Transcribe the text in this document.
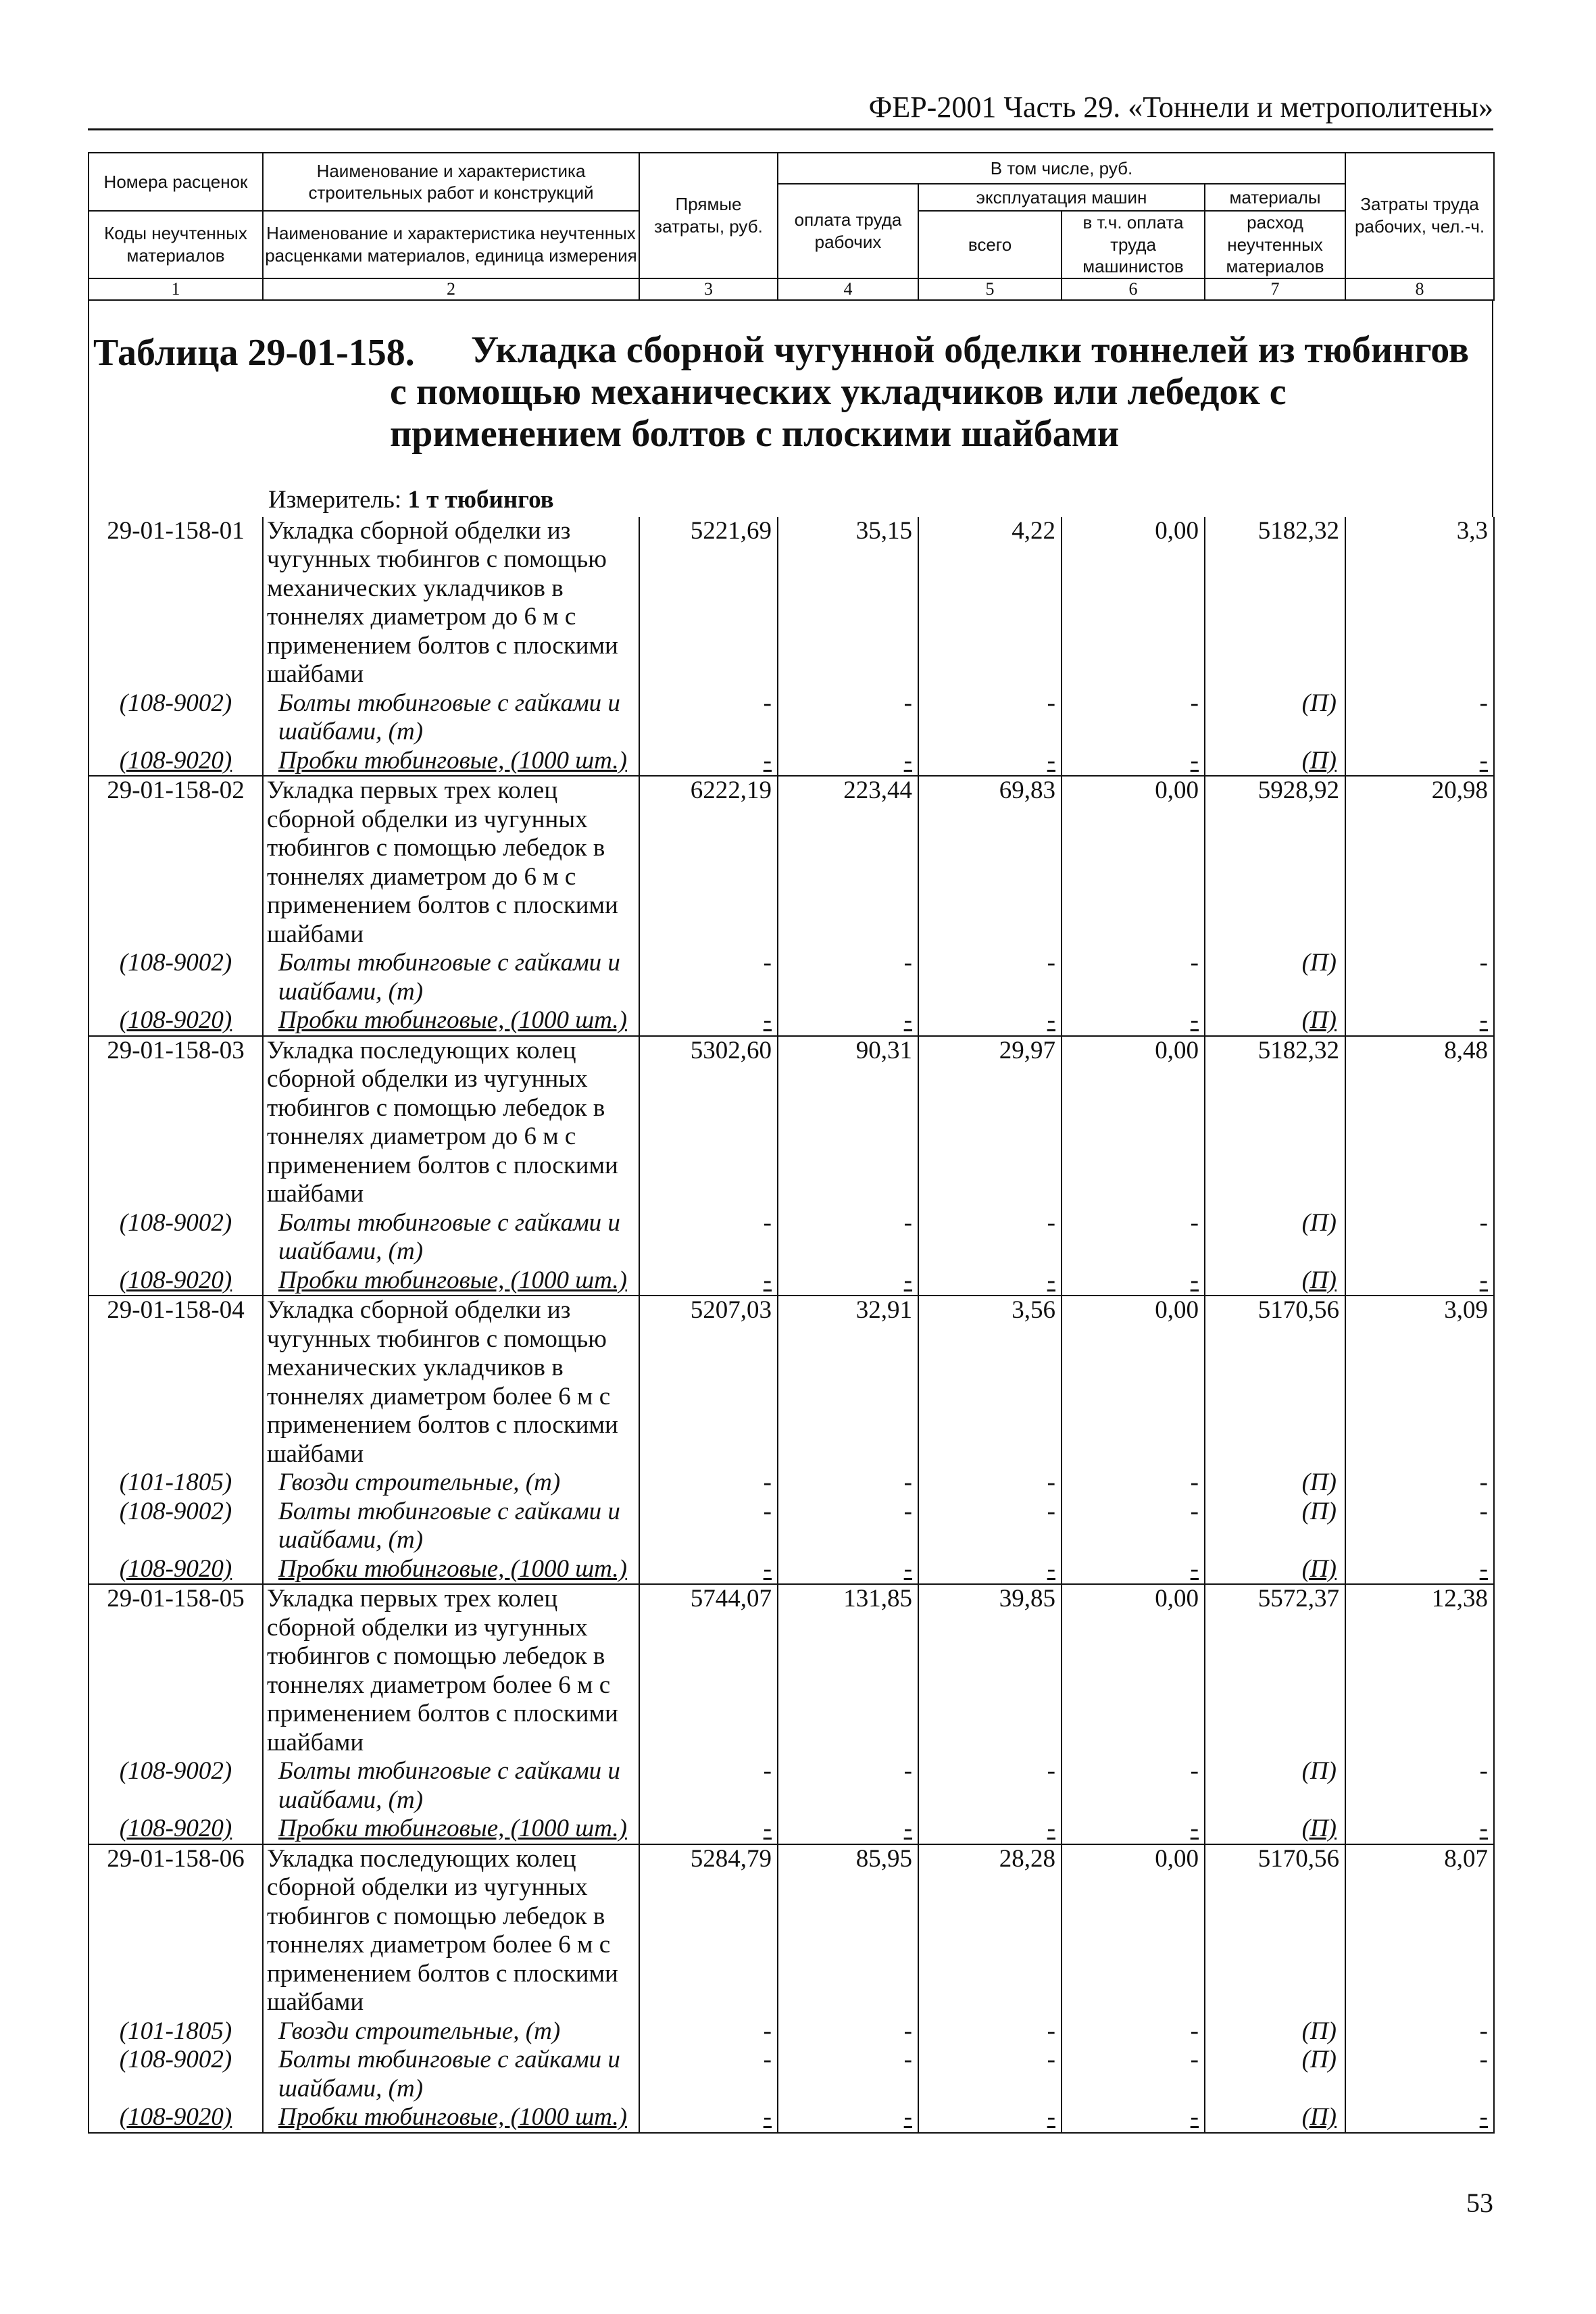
ФЕР-2001 Часть 29. «Тоннели и метрополитены»
Номера расценок	Наименование и характеристика строительных работ и конструкций	Прямые затраты, руб.	В том числе, руб.				Затраты труда рабочих, чел.-ч.
			оплата труда рабочих	эксплуатация машин		материалы	
Коды неучтенных материалов	Наименование и характеристика неучтенных расценками материалов, единица измерения			всего	в т.ч. оплата труда машинистов	расход неучтенных материалов	

1	2	3	4	5	6	7	8
Таблица 29-01-158.	Укладка сборной чугунной обделки тоннелей из тюбингов с помощью механических укладчиков или лебедок с применением болтов с плоскими шайбами
Измеритель: 1 т тюбингов
29-01-158-01	Укладка сборной обделки из чугунных тюбингов с помощью механических укладчиков в тоннелях диаметром до 6 м с применением болтов с плоскими шайбами	5221,69	35,15	4,22	0,00	5182,32	3,3
(108-9002)	Болты тюбинговые с гайками и шайбами, (т)	-	-	-	-	(П)	-
(108-9020)	Пробки тюбинговые, (1000 шт.)	-	-	-	-	(П)	-
29-01-158-02	Укладка первых трех колец сборной обделки из чугунных тюбингов с помощью лебедок в тоннелях диаметром до 6 м с применением болтов с плоскими шайбами	6222,19	223,44	69,83	0,00	5928,92	20,98
(108-9002)	Болты тюбинговые с гайками и шайбами, (т)	-	-	-	-	(П)	-
(108-9020)	Пробки тюбинговые, (1000 шт.)	-	-	-	-	(П)	-
29-01-158-03	Укладка последующих колец сборной обделки из чугунных тюбингов с помощью лебедок в тоннелях диаметром до 6 м с применением болтов с плоскими шайбами	5302,60	90,31	29,97	0,00	5182,32	8,48
(108-9002)	Болты тюбинговые с гайками и шайбами, (т)	-	-	-	-	(П)	-
(108-9020)	Пробки тюбинговые, (1000 шт.)	-	-	-	-	(П)	-
29-01-158-04	Укладка сборной обделки из чугунных тюбингов с помощью механических укладчиков в тоннелях диаметром более 6 м с применением болтов с плоскими шайбами	5207,03	32,91	3,56	0,00	5170,56	3,09
(101-1805)	Гвозди строительные, (т)	-	-	-	-	(П)	-
(108-9002)	Болты тюбинговые с гайками и шайбами, (т)	-	-	-	-	(П)	-
(108-9020)	Пробки тюбинговые, (1000 шт.)	-	-	-	-	(П)	-
29-01-158-05	Укладка первых трех колец сборной обделки из чугунных тюбингов с помощью лебедок в тоннелях диаметром более 6 м с применением болтов с плоскими шайбами	5744,07	131,85	39,85	0,00	5572,37	12,38
(108-9002)	Болты тюбинговые с гайками и шайбами, (т)	-	-	-	-	(П)	-
(108-9020)	Пробки тюбинговые, (1000 шт.)	-	-	-	-	(П)	-
29-01-158-06	Укладка последующих колец сборной обделки из чугунных тюбингов с помощью лебедок в тоннелях диаметром более 6 м с применением болтов с плоскими шайбами	5284,79	85,95	28,28	0,00	5170,56	8,07
(101-1805)	Гвозди строительные, (т)	-	-	-	-	(П)	-
(108-9002)	Болты тюбинговые с гайками и шайбами, (т)	-	-	-	-	(П)	-
(108-9020)	Пробки тюбинговые, (1000 шт.)	-	-	-	-	(П)	-
53
